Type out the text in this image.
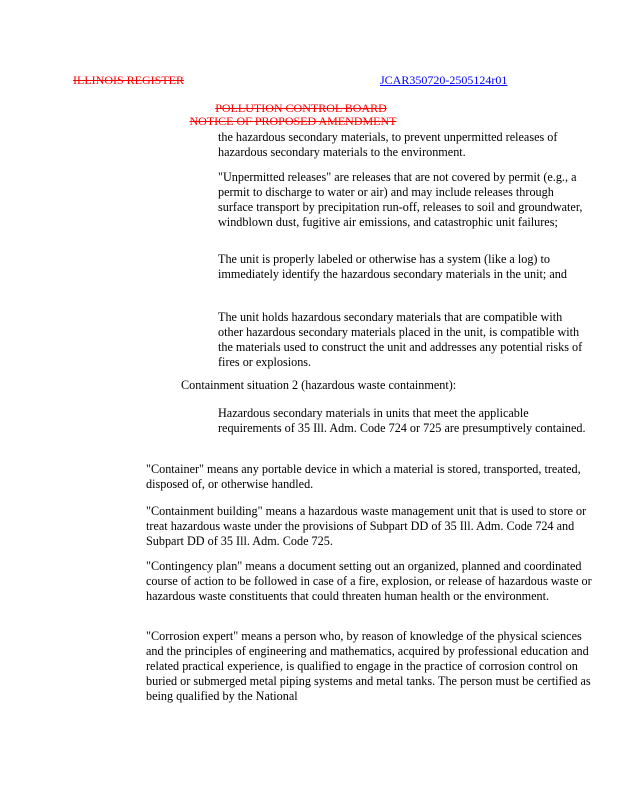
ILLINOIS REGISTER	JCAR350720-2505124r01
POLLUTION CONTROL BOARD
NOTICE OF PROPOSED AMENDMENT

the hazardous secondary materials, to prevent unpermitted releases of hazardous secondary materials to the environment.

"Unpermitted releases" are releases that are not covered by permit (e.g., a permit to discharge to water or air) and may include releases through surface transport by precipitation run-off, releases to soil and groundwater, windblown dust, fugitive air emissions, and catastrophic unit failures;

The unit is properly labeled or otherwise has a system (like a log) to immediately identify the hazardous secondary materials in the unit; and

The unit holds hazardous secondary materials that are compatible with other hazardous secondary materials placed in the unit, is compatible with the materials used to construct the unit and addresses any potential risks of fires or explosions.

Containment situation 2 (hazardous waste containment):

Hazardous secondary materials in units that meet the applicable requirements of 35 Ill. Adm. Code 724 or 725 are presumptively contained.

"Container" means any portable device in which a material is stored, transported, treated, disposed of, or otherwise handled.

"Containment building" means a hazardous waste management unit that is used to store or treat hazardous waste under the provisions of Subpart DD of 35 Ill. Adm. Code 724 and Subpart DD of 35 Ill. Adm. Code 725.

"Contingency plan" means a document setting out an organized, planned and coordinated course of action to be followed in case of a fire, explosion, or release of hazardous waste or hazardous waste constituents that could threaten human health or the environment.

"Corrosion expert" means a person who, by reason of knowledge of the physical sciences and the principles of engineering and mathematics, acquired by professional education and related practical experience, is qualified to engage in the practice of corrosion control on buried or submerged metal piping systems and metal tanks. The person must be certified as being qualified by the National
